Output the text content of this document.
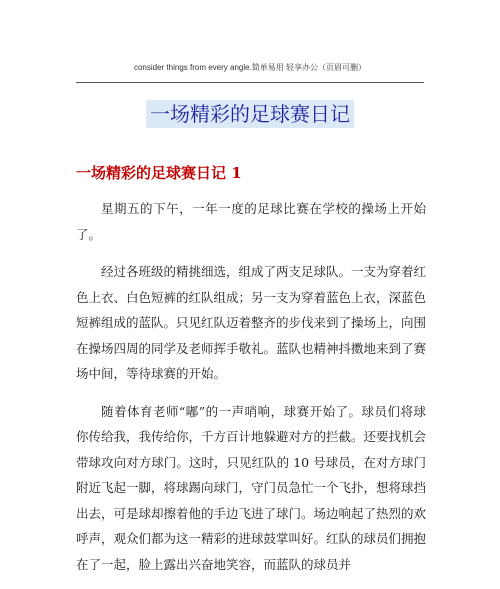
consider things from every angle.简单易用 轻享办公（页眉可删）
一场精彩的足球赛日记
一场精彩的足球赛日记 1

星期五的下午，一年一度的足球比赛在学校的操场上开始了。

经过各班级的精挑细选，组成了两支足球队。一支为穿着红色上衣、白色短裤的红队组成；另一支为穿着蓝色上衣，深蓝色短裤组成的蓝队。只见红队迈着整齐的步伐来到了操场上，向围在操场四周的同学及老师挥手敬礼。蓝队也精神抖擞地来到了赛场中间，等待球赛的开始。

随着体育老师“嘟”的一声哨响，球赛开始了。球员们将球你传给我，我传给你，千方百计地躲避对方的拦截。还要找机会带球攻向对方球门。这时，只见红队的 10 号球员，在对方球门附近飞起一脚，将球踢向球门，守门员急忙一个飞扑，想将球挡出去，可是球却擦着他的手边飞进了球门。场边响起了热烈的欢呼声，观众们都为这一精彩的进球鼓掌叫好。红队的球员们拥抱在了一起，脸上露出兴奋地笑容，而蓝队的球员并
